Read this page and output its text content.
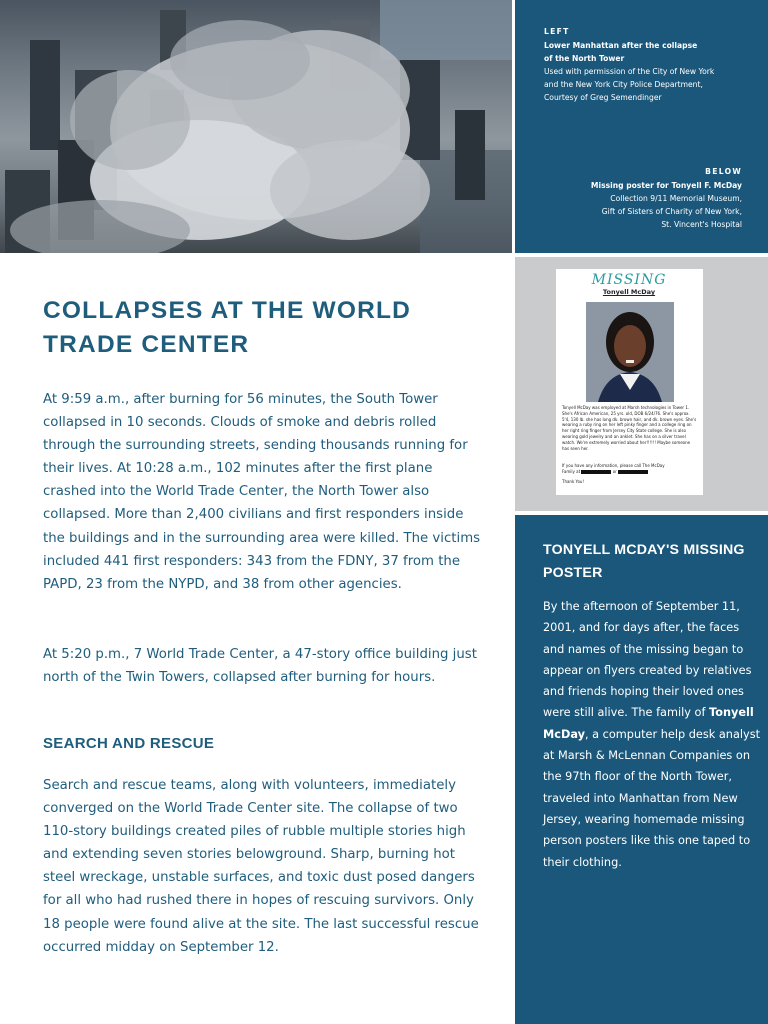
LEFT
Lower Manhattan after the collapse
of the North Tower
Used with permission of the City of New York
and the New York City Police Department,
Courtesy of Greg Semendinger
BELOW
Missing poster for Tonyell F. McDay
Collection 9/11 Memorial Museum,
Gift of Sisters of Charity of New York,
St. Vincent's Hospital
MISSING
Tonyell McDay
Tonyell McDay was employed at Marsh technologies in Tower 1. She's African American, 25 yrs. old, DOB 6/24/76. She's approx. 5'4, 130 lb. she has long dk. brown hair, and dk. brown eyes. She's wearing a ruby ring on her left pinky finger and a college ring on her right ring finger from Jersey City State college. She is also wearing gold jewelry and an anklet. She has on a silver travel watch. We're extremely worried about her!!!!!! Maybe someone has seen her.
If you have any information, please call The McDay
Family at	or
Thank You!
COLLAPSES AT THE WORLD TRADE CENTER

At 9:59 a.m., after burning for 56 minutes, the South Tower collapsed in 10 seconds. Clouds of smoke and debris rolled through the surrounding streets, sending thousands running for their lives. At 10:28 a.m., 102 minutes after the first plane crashed into the World Trade Center, the North Tower also collapsed. More than 2,400 civilians and first responders inside the buildings and in the surrounding area were killed. The victims included 441 first responders: 343 from the FDNY, 37 from the PAPD, 23 from the NYPD, and 38 from other agencies.

At 5:20 p.m., 7 World Trade Center, a 47-story office building just north of the Twin Towers, collapsed after burning for hours.

SEARCH AND RESCUE

Search and rescue teams, along with volunteers, immediately converged on the World Trade Center site. The collapse of two 110-story buildings created piles of rubble multiple stories high and extending seven stories belowground. Sharp, burning hot steel wreckage, unstable surfaces, and toxic dust posed dangers for all who had rushed there in hopes of rescuing survivors. Only 18 people were found alive at the site. The last successful rescue occurred midday on September 12.

TONYELL MCDAY'S MISSING POSTER

By the afternoon of September 11, 2001, and for days after, the faces and names of the missing began to appear on flyers created by relatives and friends hoping their loved ones were still alive. The family of Tonyell McDay, a computer help desk analyst at Marsh & McLennan Companies on the 97th floor of the North Tower, traveled into Manhattan from New Jersey, wearing homemade missing person posters like this one taped to their clothing.
